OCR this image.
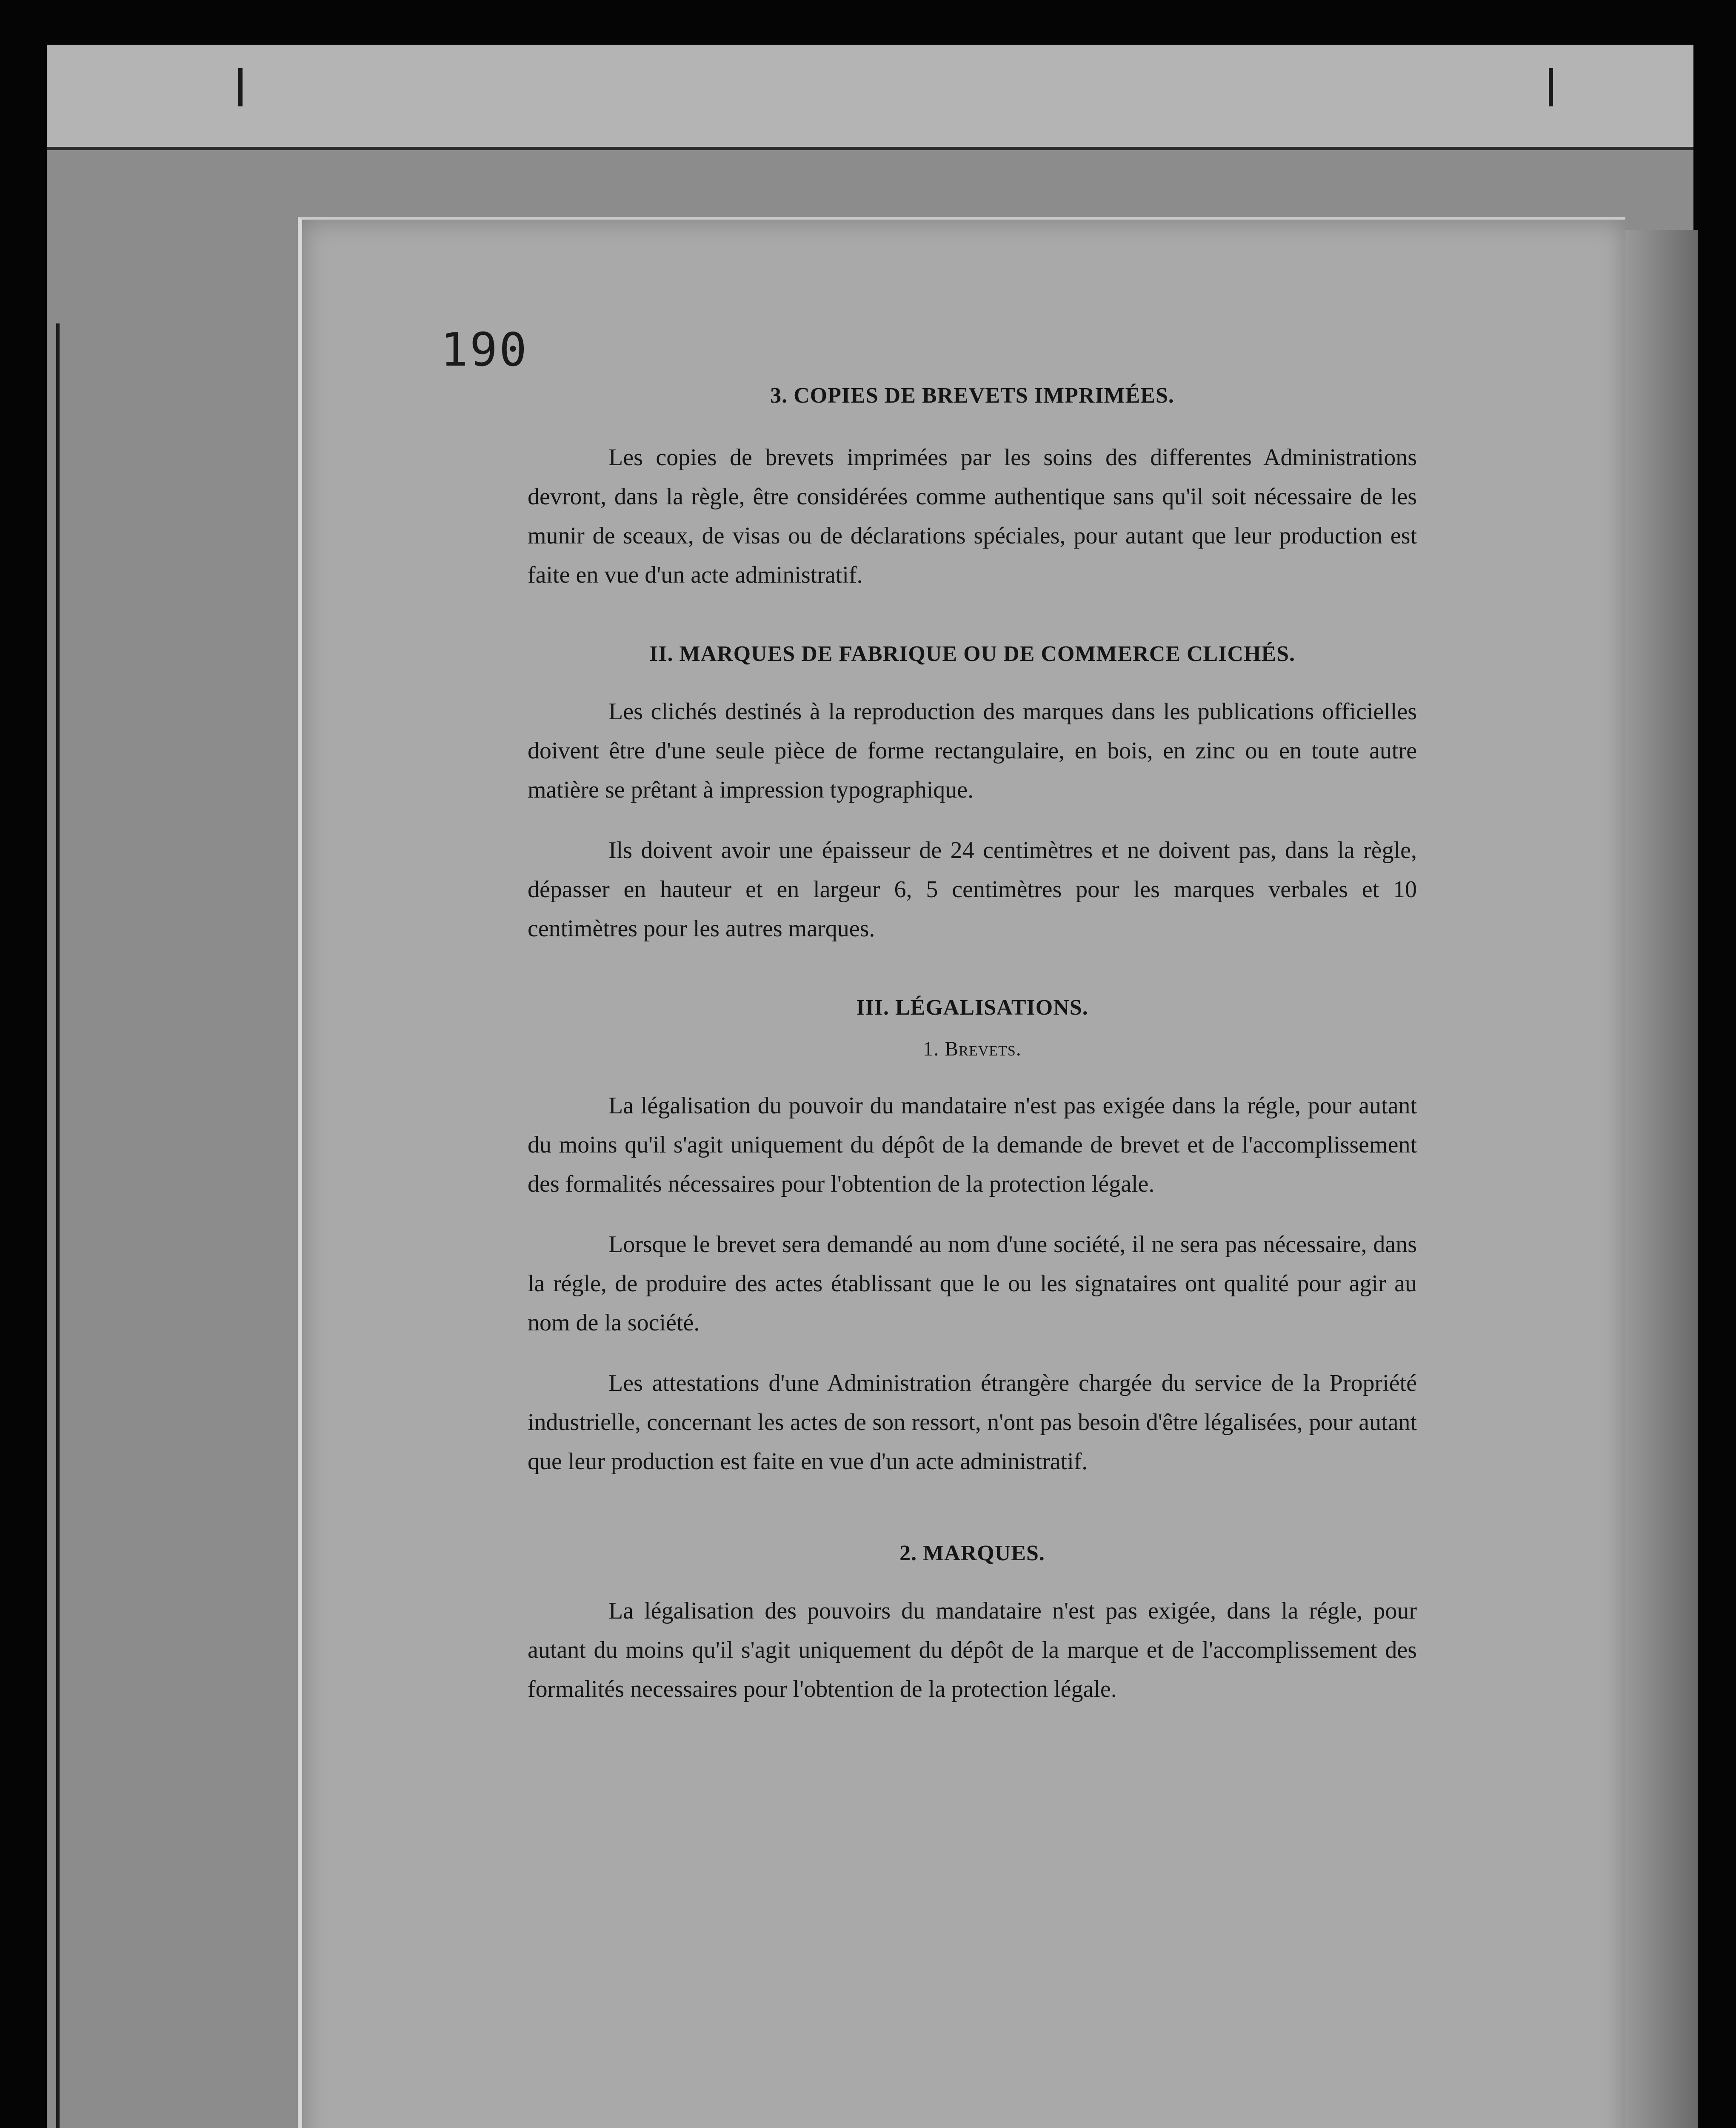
190
3. COPIES DE BREVETS IMPRIMÉES.

Les copies de brevets imprimées par les soins des differentes Administrations devront, dans la règle, être considérées comme authentique sans qu'il soit nécessaire de les munir de sceaux, de visas ou de déclarations spéciales, pour autant que leur production est faite en vue d'un acte administratif.

II. MARQUES DE FABRIQUE OU DE COMMERCE CLICHÉS.

Les clichés destinés à la reproduction des marques dans les publications officielles doivent être d'une seule pièce de forme rectangulaire, en bois, en zinc ou en toute autre matière se prêtant à impression typographique.

Ils doivent avoir une épaisseur de 24 centimètres et ne doivent pas, dans la règle, dépasser en hauteur et en largeur 6, 5 centimètres pour les marques verbales et 10 centimètres pour les autres marques.

III. LÉGALISATIONS.
1. Brevets.

La légalisation du pouvoir du mandataire n'est pas exigée dans la régle, pour autant du moins qu'il s'agit uniquement du dépôt de la demande de brevet et de l'accomplissement des formalités nécessaires pour l'obtention de la protection légale.

Lorsque le brevet sera demandé au nom d'une société, il ne sera pas nécessaire, dans la régle, de produire des actes établissant que le ou les signataires ont qualité pour agir au nom de la société.

Les attestations d'une Administration étrangère chargée du service de la Propriété industrielle, concernant les actes de son ressort, n'ont pas besoin d'être légalisées, pour autant que leur production est faite en vue d'un acte administratif.

2. MARQUES.

La légalisation des pouvoirs du mandataire n'est pas exigée, dans la régle, pour autant du moins qu'il s'agit uniquement du dépôt de la marque et de l'accomplissement des formalités necessaires pour l'obtention de la protection légale.
